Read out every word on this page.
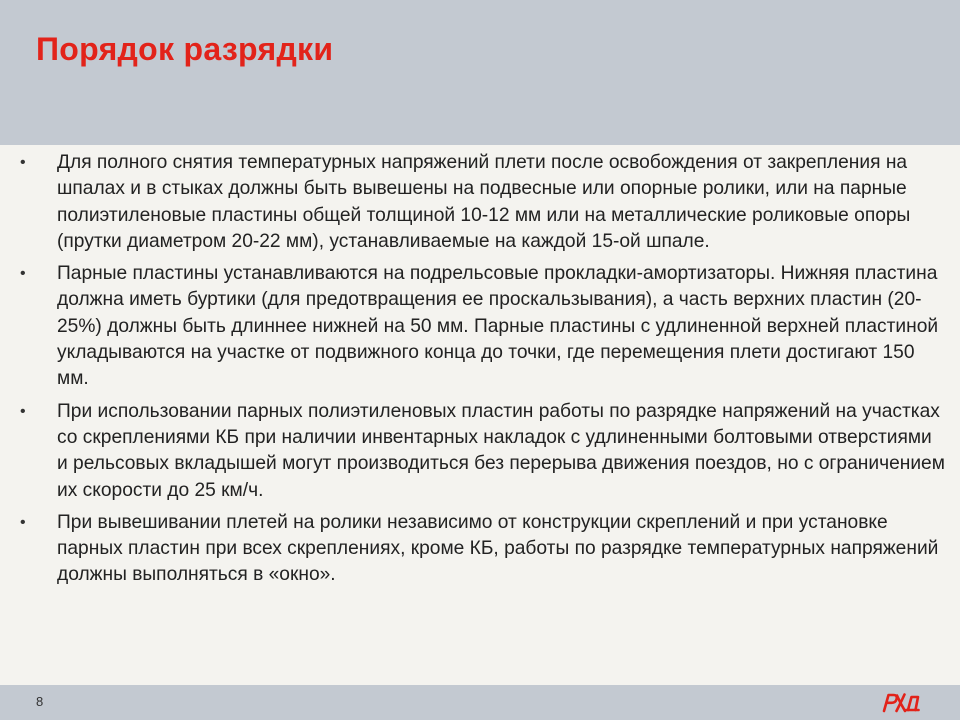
Порядок разрядки
• Для полного снятия температурных напряжений плети после освобождения от закрепления на шпалах и в стыках должны быть вывешены на подвесные или опорные ролики, или на парные полиэтиленовые пластины общей толщиной 10-12 мм или на металлические роликовые опоры (прутки диаметром 20-22 мм), устанавливаемые на каждой 15-ой шпале.
• Парные пластины устанавливаются на подрельсовые прокладки-амортизаторы. Нижняя пластина должна иметь буртики (для предотвращения ее проскальзывания), а часть верхних пластин (20-25%) должны быть длиннее нижней на 50 мм. Парные пластины с удлиненной верхней пластиной укладываются на участке от подвижного конца до точки, где перемещения плети достигают 150 мм.
• При использовании парных полиэтиленовых пластин работы по разрядке напряжений на участках со скреплениями КБ при наличии инвентарных накладок с удлиненными болтовыми отверстиями и рельсовых вкладышей могут производиться без перерыва движения поездов, но с ограничением их скорости до 25 км/ч.
• При вывешивании плетей на ролики независимо от конструкции скреплений и при установке парных пластин при всех скреплениях, кроме КБ, работы по разрядке температурных напряжений должны выполняться в «окно».
8
